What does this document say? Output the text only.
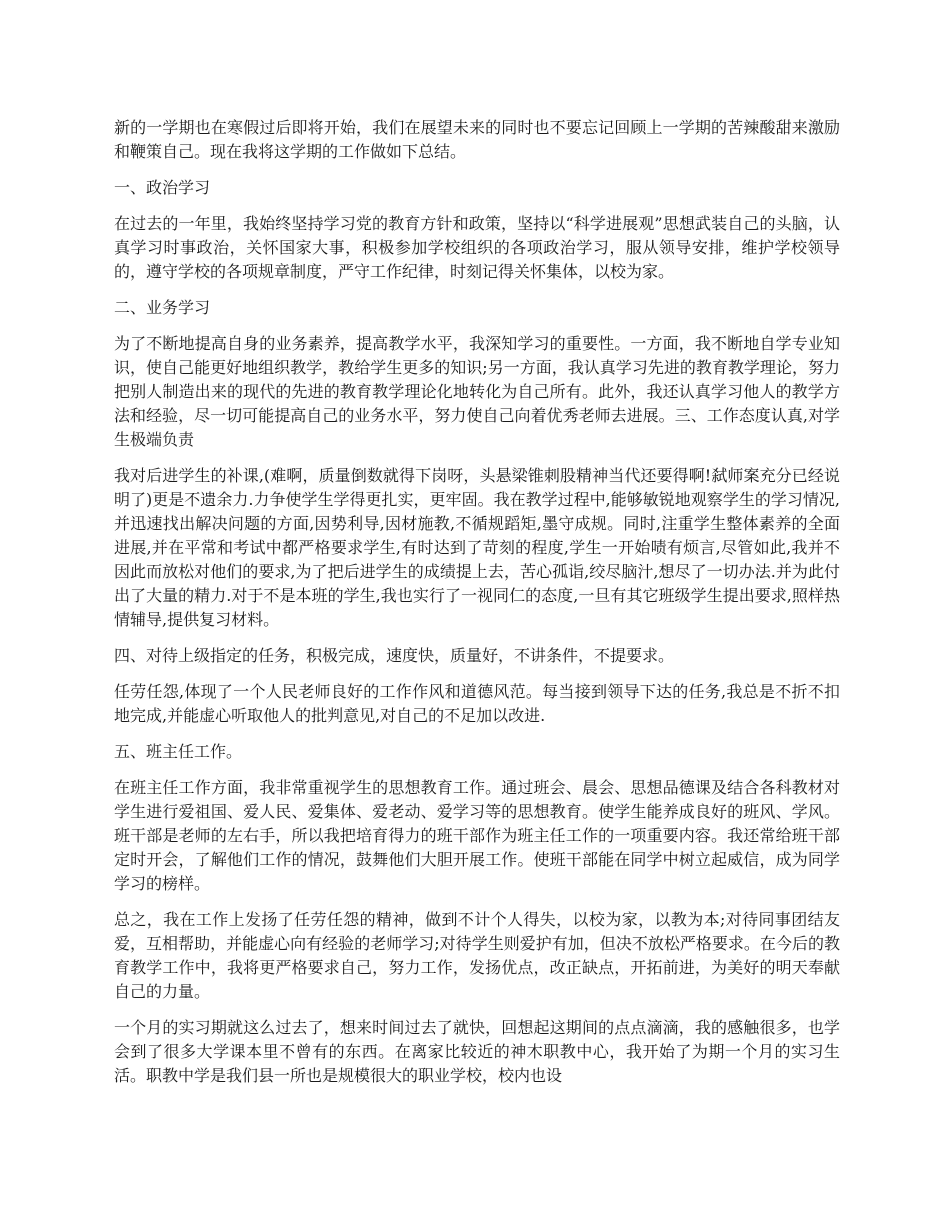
新的一学期也在寒假过后即将开始，我们在展望未来的同时也不要忘记回顾上一学期的苦辣酸甜来激励和鞭策自己。现在我将这学期的工作做如下总结。

一、政治学习

在过去的一年里，我始终坚持学习党的教育方针和政策，坚持以“科学进展观”思想武装自己的头脑，认真学习时事政治，关怀国家大事，积极参加学校组织的各项政治学习，服从领导安排，维护学校领导的，遵守学校的各项规章制度，严守工作纪律，时刻记得关怀集体，以校为家。

二、业务学习

为了不断地提高自身的业务素养，提高教学水平，我深知学习的重要性。一方面，我不断地自学专业知识，使自己能更好地组织教学，教给学生更多的知识;另一方面，我认真学习先进的教育教学理论，努力把别人制造出来的现代的先进的教育教学理论化地转化为自己所有。此外，我还认真学习他人的教学方法和经验，尽一切可能提高自己的业务水平，努力使自己向着优秀老师去进展。三、工作态度认真,对学生极端负责

我对后进学生的补课,(难啊，质量倒数就得下岗呀，头悬梁锥刺股精神当代还要得啊!弑师案充分已经说明了)更是不遗余力.力争使学生学得更扎实，更牢固。我在教学过程中,能够敏锐地观察学生的学习情况,并迅速找出解决问题的方面,因势利导,因材施教,不循规蹈矩,墨守成规。同时,注重学生整体素养的全面进展,并在平常和考试中都严格要求学生,有时达到了苛刻的程度,学生一开始啧有烦言,尽管如此,我并不因此而放松对他们的要求,为了把后进学生的成绩提上去，苦心孤诣,绞尽脑汁,想尽了一切办法.并为此付出了大量的精力.对于不是本班的学生,我也实行了一视同仁的态度,一旦有其它班级学生提出要求,照样热情辅导,提供复习材料。

四、对待上级指定的任务，积极完成，速度快，质量好，不讲条件，不提要求。

任劳任怨,体现了一个人民老师良好的工作作风和道德风范。每当接到领导下达的任务,我总是不折不扣地完成,并能虚心听取他人的批判意见,对自己的不足加以改进.

五、班主任工作。

在班主任工作方面，我非常重视学生的思想教育工作。通过班会、晨会、思想品德课及结合各科教材对学生进行爱祖国、爱人民、爱集体、爱老动、爱学习等的思想教育。使学生能养成良好的班风、学风。班干部是老师的左右手，所以我把培育得力的班干部作为班主任工作的一项重要内容。我还常给班干部定时开会，了解他们工作的情况，鼓舞他们大胆开展工作。使班干部能在同学中树立起威信，成为同学学习的榜样。

总之，我在工作上发扬了任劳任怨的精神，做到不计个人得失，以校为家，以教为本;对待同事团结友爱，互相帮助，并能虚心向有经验的老师学习;对待学生则爱护有加，但决不放松严格要求。在今后的教育教学工作中，我将更严格要求自己，努力工作，发扬优点，改正缺点，开拓前进，为美好的明天奉献自己的力量。

一个月的实习期就这么过去了，想来时间过去了就快，回想起这期间的点点滴滴，我的感触很多，也学会到了很多大学课本里不曾有的东西。在离家比较近的神木职教中心，我开始了为期一个月的实习生活。职教中学是我们县一所也是规模很大的职业学校，校内也设
